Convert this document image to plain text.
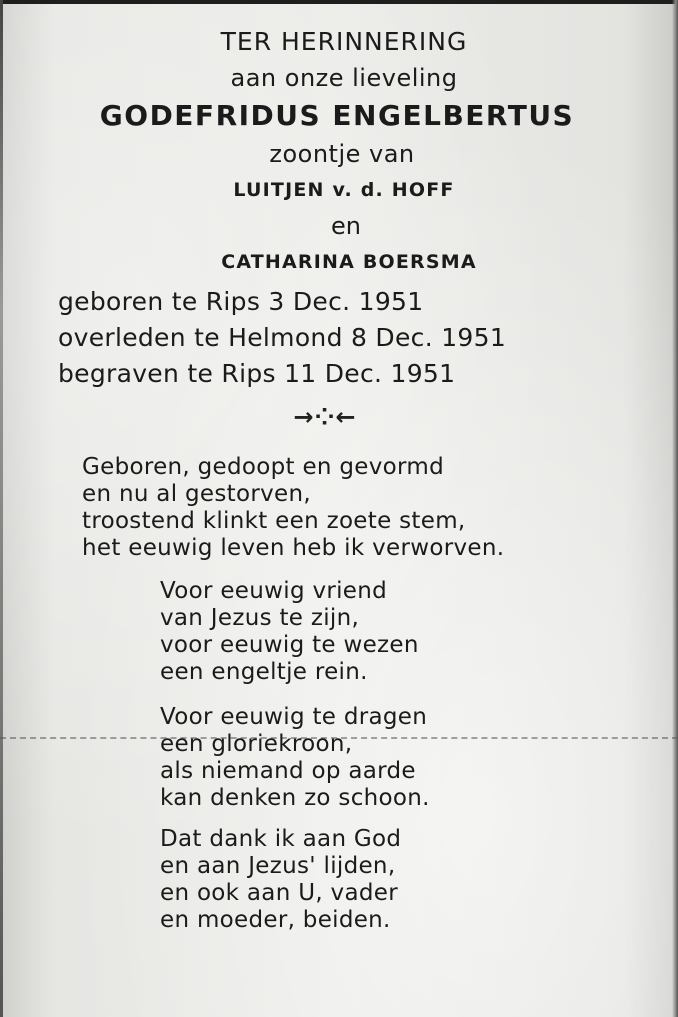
TER HERINNERING
aan onze lieveling
GODEFRIDUS ENGELBERTUS
zoontje van
LUITJEN v. d. HOFF
en
CATHARINA BOERSMA
geboren te Rips 3 Dec. 1951
overleden te Helmond 8 Dec. 1951
begraven te Rips 11 Dec. 1951
→⁘←
Geboren, gedoopt en gevormd
en nu al gestorven,
troostend klinkt een zoete stem,
het eeuwig leven heb ik verworven.
Voor eeuwig vriend
van Jezus te zijn,
voor eeuwig te wezen
een engeltje rein.
Voor eeuwig te dragen
een gloriekroon,
als niemand op aarde
kan denken zo schoon.
Dat dank ik aan God
en aan Jezus' lijden,
en ook aan U, vader
en moeder, beiden.
